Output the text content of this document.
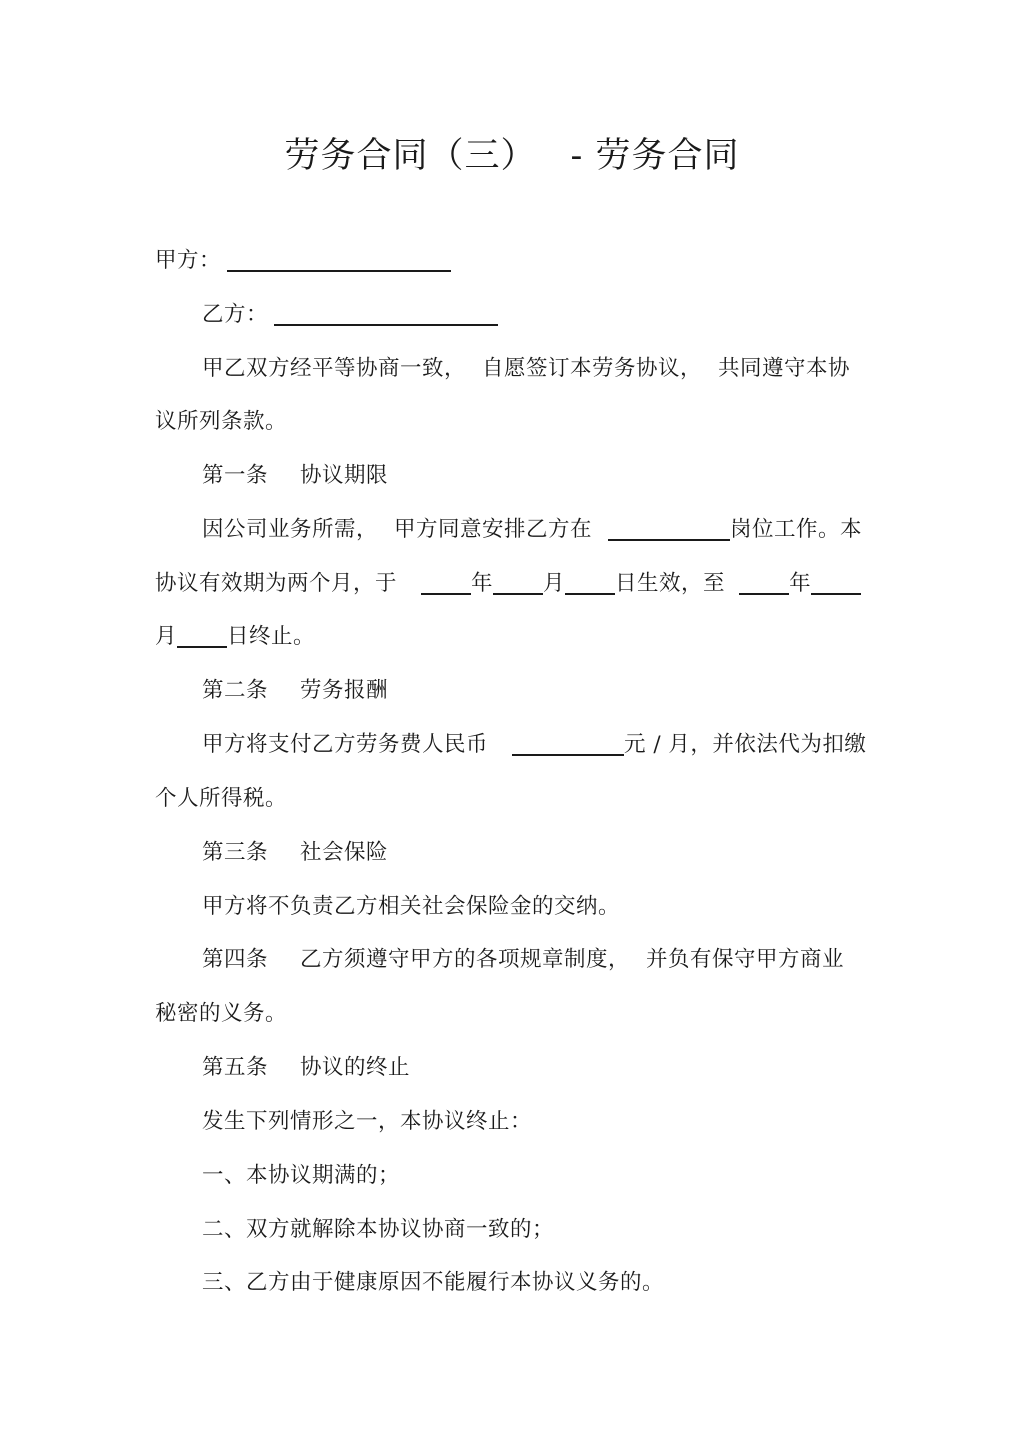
劳务合同（三） - 劳务合同
甲方：
乙方：
甲乙双方经平等协商一致， 自愿签订本劳务协议， 共同遵守本协
议所列条款。
第一条 协议期限
因公司业务所需， 甲方同意安排乙方在	岗位工作。本
协议有效期为两个月，于	年 月 日生效，至	年
月 日终止。
第二条 劳务报酬
甲方将支付乙方劳务费人民币	元 / 月，并依法代为扣缴
个人所得税。
第三条 社会保险
甲方将不负责乙方相关社会保险金的交纳。
第四条 乙方须遵守甲方的各项规章制度， 并负有保守甲方商业
秘密的义务。
第五条 协议的终止
发生下列情形之一，本协议终止：
一、本协议期满的；
二、双方就解除本协议协商一致的；
三、乙方由于健康原因不能履行本协议义务的。
